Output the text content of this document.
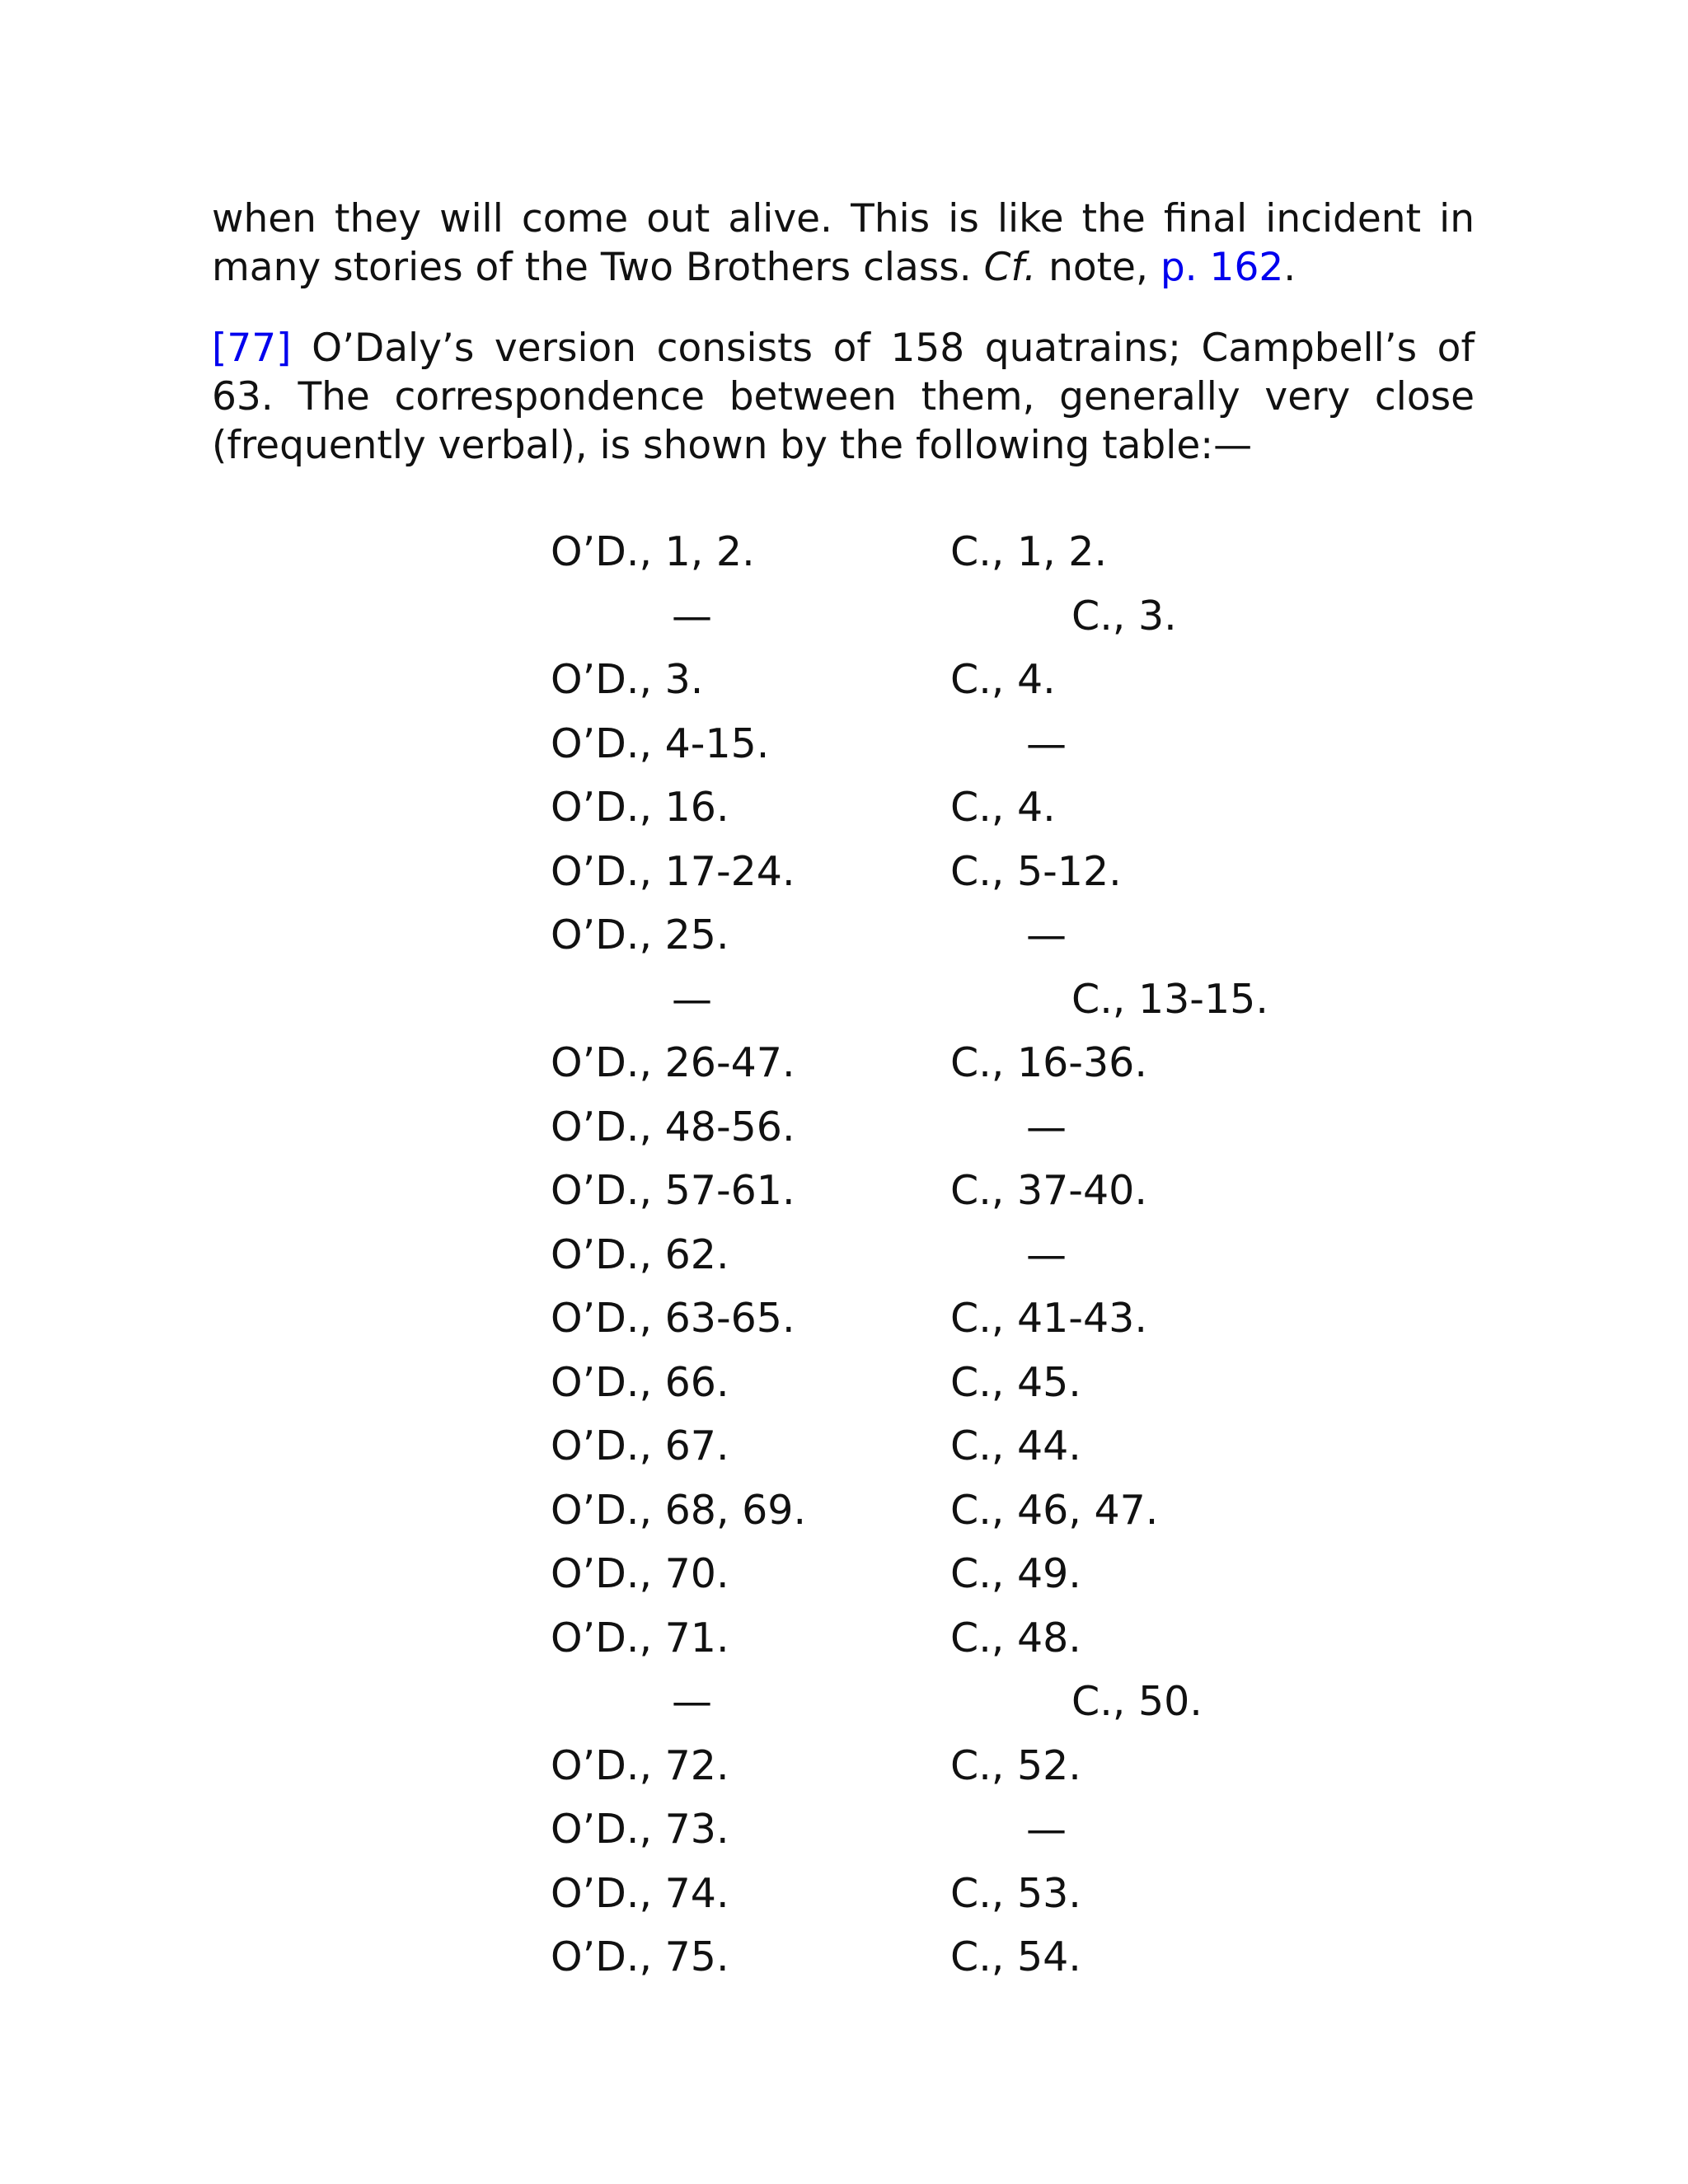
when they will come out alive. This is like the final incident in many stories of the Two Brothers class. Cf. note, p. 162.

[77] O’Daly’s version consists of 158 quatrains; Campbell’s of 63. The correspondence between them, generally very close (frequently verbal), is shown by the following table:—

O’D., 1, 2.	C., 1, 2.
—	C., 3.
O’D., 3.	C., 4.
O’D., 4-15.	—
O’D., 16.	C., 4.
O’D., 17-24.	C., 5-12.
O’D., 25.	—
—	C., 13-15.
O’D., 26-47.	C., 16-36.
O’D., 48-56.	—
O’D., 57-61.	C., 37-40.
O’D., 62.	—
O’D., 63-65.	C., 41-43.
O’D., 66.	C., 45.
O’D., 67.	C., 44.
O’D., 68, 69.	C., 46, 47.
O’D., 70.	C., 49.
O’D., 71.	C., 48.
—	C., 50.
O’D., 72.	C., 52.
O’D., 73.	—
O’D., 74.	C., 53.
O’D., 75.	C., 54.
